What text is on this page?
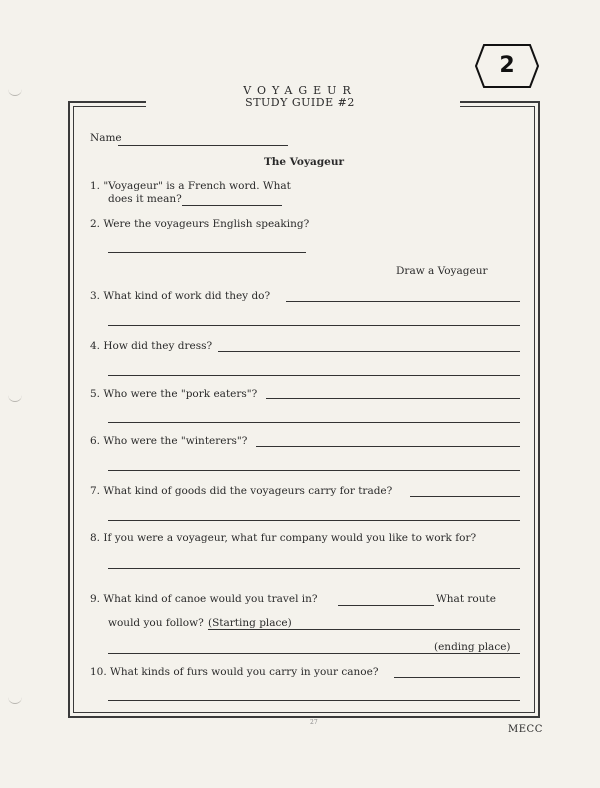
2
VOYAGEUR
STUDY GUIDE #2
Name
The Voyageur
1. "Voyageur" is a French word. What
does it mean?
2. Were the voyageurs English speaking?
Draw a Voyageur
3. What kind of work did they do?
4. How did they dress?
5. Who were the "pork eaters"?
6. Who were the "winterers"?
7. What kind of goods did the voyageurs carry for trade?
8. If you were a voyageur, what fur company would you like to work for?
9. What kind of canoe would you travel in?	What route
would you follow? (Starting place)
(ending place)
10. What kinds of furs would you carry in your canoe?
27
MECC
